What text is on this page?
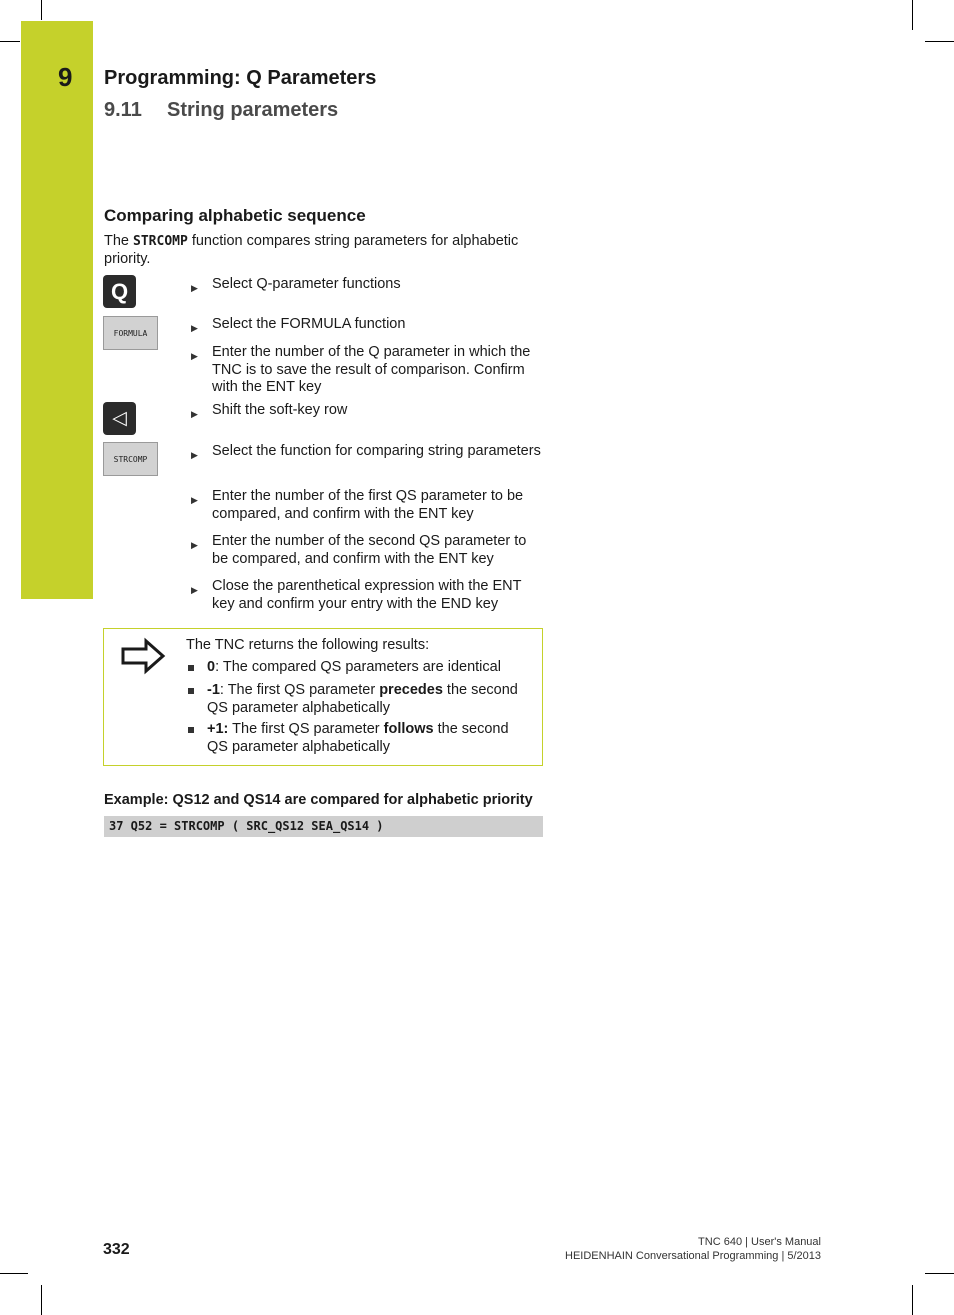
9 Programming: Q Parameters
9.11 String parameters
Comparing alphabetic sequence
The STRCOMP function compares string parameters for alphabetic priority.
Q
FORMULA
◁
STRCOMP
▶ Select Q-parameter functions
▶ Select the FORMULA function
▶ Enter the number of the Q parameter in which the TNC is to save the result of comparison. Confirm with the ENT key
▶ Shift the soft-key row
▶ Select the function for comparing string parameters
▶ Enter the number of the first QS parameter to be compared, and confirm with the ENT key
▶ Enter the number of the second QS parameter to be compared, and confirm with the ENT key
▶ Close the parenthetical expression with the ENT key and confirm your entry with the END key
The TNC returns the following results:
0: The compared QS parameters are identical
-1: The first QS parameter precedes the second QS parameter alphabetically
+1: The first QS parameter follows the second QS parameter alphabetically
Example: QS12 and QS14 are compared for alphabetic priority
37 Q52 = STRCOMP ( SRC_QS12 SEA_QS14 )
332	TNC 640 | User's Manual
HEIDENHAIN Conversational Programming | 5/2013
